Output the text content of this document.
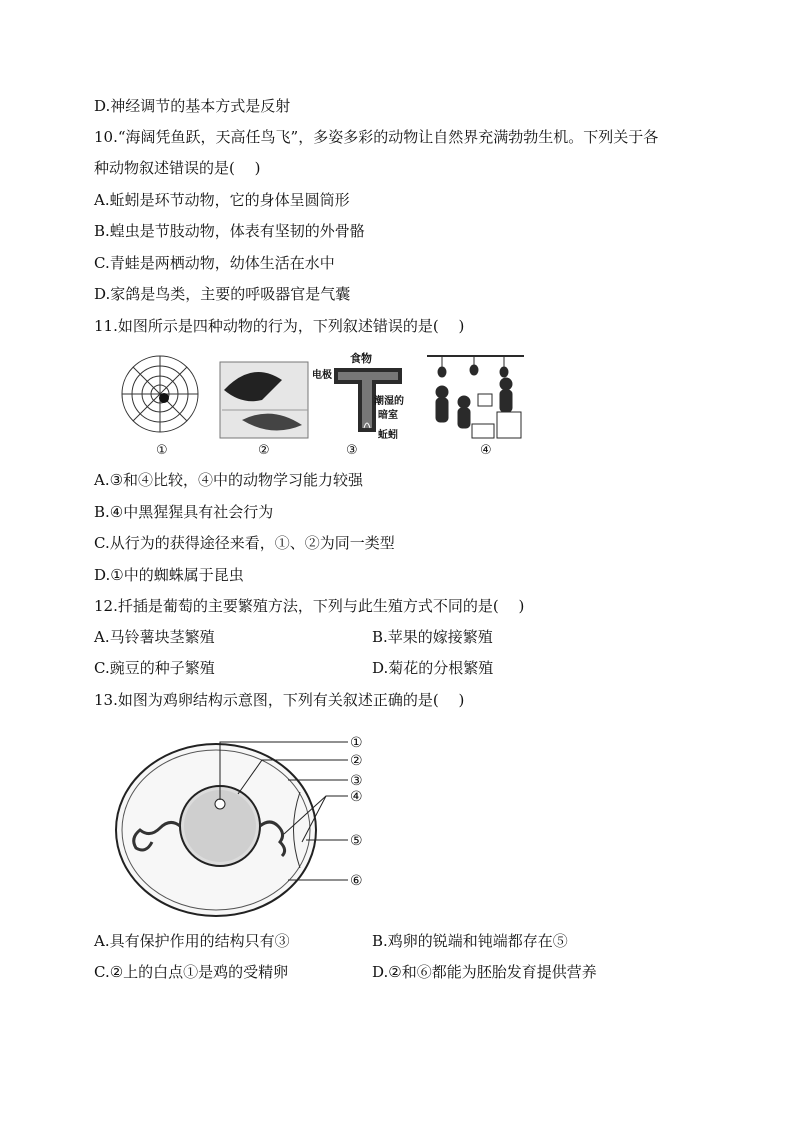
D.神经调节的基本方式是反射
10.“海阔凭鱼跃，天高任鸟飞”，多姿多彩的动物让自然界充满勃勃生机。下列关于各
种动物叙述错误的是(　 )
A.蚯蚓是环节动物，它的身体呈圆筒形
B.蝗虫是节肢动物，体表有坚韧的外骨骼
C.青蛙是两栖动物，幼体生活在水中
D.家鸽是鸟类，主要的呼吸器官是气囊
11.如图所示是四种动物的行为，下列叙述错误的是(　 )
①	②	③	④
食物
电极
潮湿的
暗室
蚯蚓
A.③和④比较，④中的动物学习能力较强
B.④中黑猩猩具有社会行为
C.从行为的获得途径来看，①、②为同一类型
D.①中的蜘蛛属于昆虫
12.扦插是葡萄的主要繁殖方法，下列与此生殖方式不同的是(　 )
A.马铃薯块茎繁殖	B.苹果的嫁接繁殖
C.豌豆的种子繁殖	D.菊花的分根繁殖
13.如图为鸡卵结构示意图，下列有关叙述正确的是(　 )
①
②
③
④
⑤
⑥
A.具有保护作用的结构只有③	B.鸡卵的锐端和钝端都存在⑤
C.②上的白点①是鸡的受精卵	D.②和⑥都能为胚胎发育提供营养
